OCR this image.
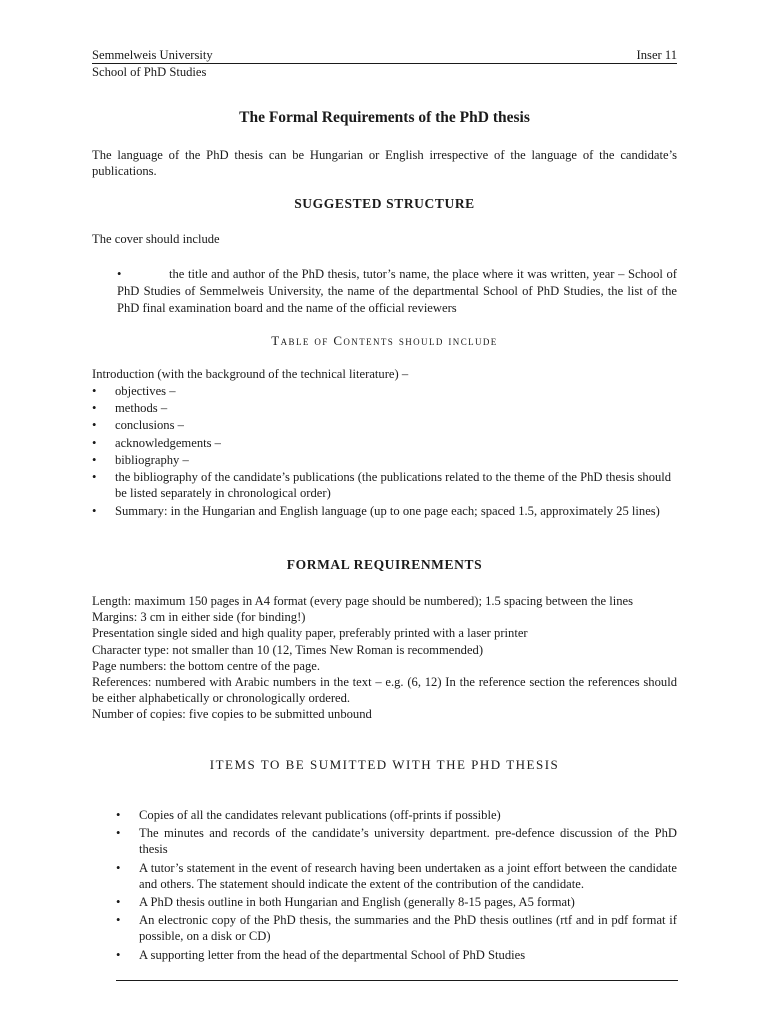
Semmelweis University	Inser 11
School of PhD Studies
The Formal Requirements of the PhD thesis
The language of the PhD thesis can be Hungarian or English irrespective of the language of the candidate’s publications.
SUGGESTED STRUCTURE
The cover should include
•	the title and author of the PhD thesis, tutor’s name, the place where it was written, year – School of PhD Studies of Semmelweis University, the name of the departmental School of PhD Studies, the list of the PhD final examination board and the name of the official reviewers
Table of Contents should include
Introduction (with the background of the technical literature) –
• objectives –
• methods –
• conclusions –
• acknowledgements –
• bibliography –
• the bibliography of the candidate’s publications (the publications related to the theme of the PhD thesis should be listed separately in chronological order)
• Summary: in the Hungarian and English language (up to one page each; spaced 1.5, approximately 25 lines)
FORMAL REQUIRENMENTS
Length: maximum 150 pages in A4 format (every page should be numbered); 1.5 spacing between the lines
Margins: 3 cm in either side (for binding!)
Presentation single sided and high quality paper, preferably printed with a laser printer
Character type: not smaller than 10 (12, Times New Roman is recommended)
Page numbers: the bottom centre of the page.
References: numbered with Arabic numbers in the text – e.g. (6, 12) In the reference section the references should be either alphabetically or chronologically ordered.
Number of copies: five copies to be submitted unbound
ITEMS TO BE SUMITTED WITH THE PHD THESIS
• Copies of all the candidates relevant publications (off-prints if possible)
• The minutes and records of the candidate’s university department. pre-defence discussion of the PhD thesis
• A tutor’s statement in the event of research having been undertaken as a joint effort between the candidate and others. The statement should indicate the extent of the contribution of the candidate.
• A PhD thesis outline in both Hungarian and English (generally 8-15 pages, A5 format)
• An electronic copy of the PhD thesis, the summaries and the PhD thesis outlines (rtf and in pdf format if possible, on a disk or CD)
• A supporting letter from the head of the departmental School of PhD Studies
